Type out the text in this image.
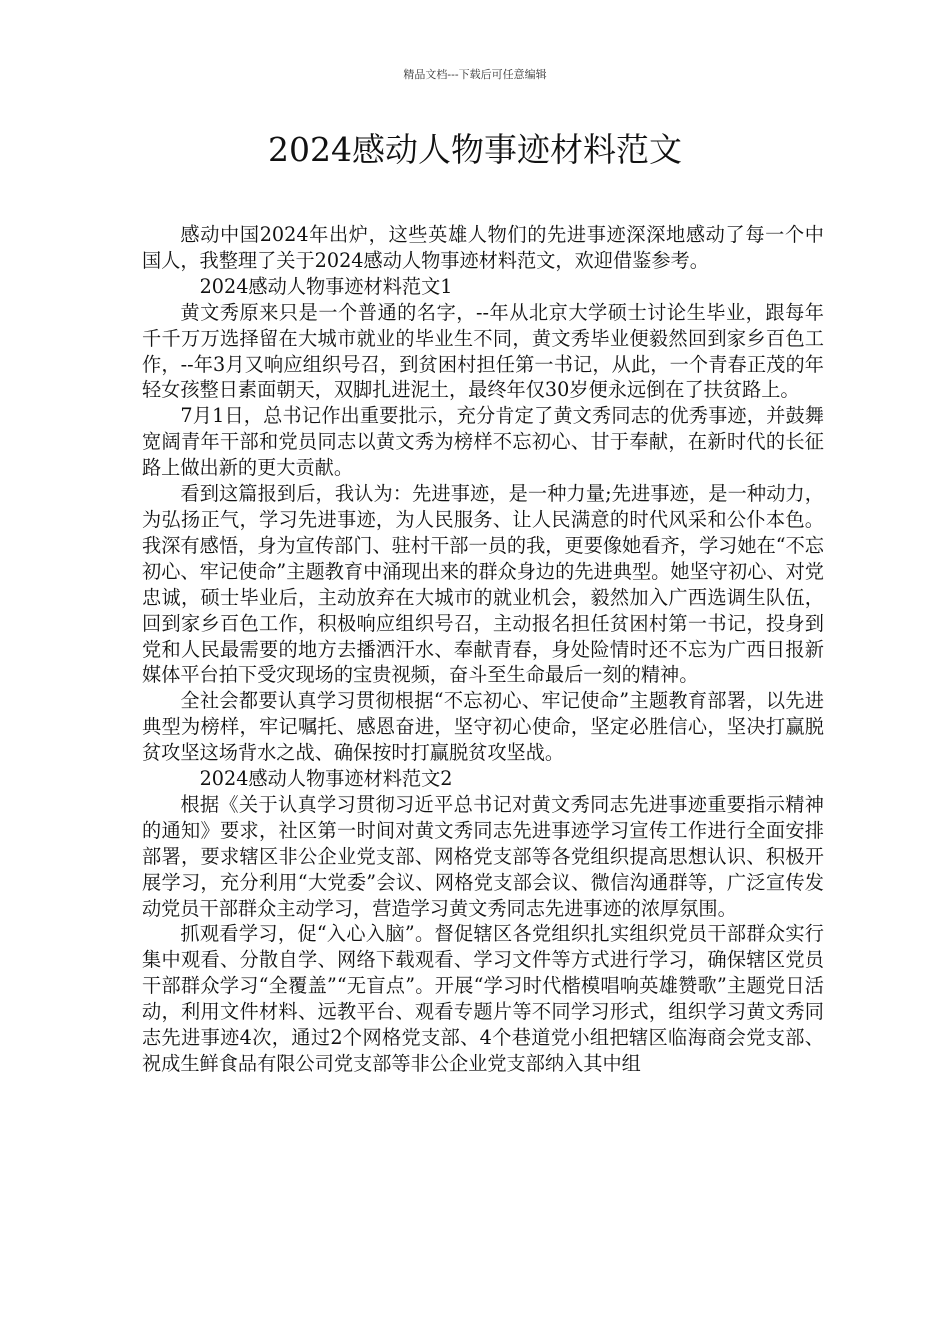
精品文档---下载后可任意编辑
2024感动人物事迹材料范文

感动中国2024年出炉，这些英雄人物们的先进事迹深深地感动了每一个中国人，我整理了关于2024感动人物事迹材料范文，欢迎借鉴参考。

2024感动人物事迹材料范文1

黄文秀原来只是一个普通的名字，--年从北京大学硕士讨论生毕业，跟每年千千万万选择留在大城市就业的毕业生不同，黄文秀毕业便毅然回到家乡百色工作，--年3月又响应组织号召，到贫困村担任第一书记，从此，一个青春正茂的年轻女孩整日素面朝天，双脚扎进泥土，最终年仅30岁便永远倒在了扶贫路上。

7月1日，总书记作出重要批示，充分肯定了黄文秀同志的优秀事迹，并鼓舞宽阔青年干部和党员同志以黄文秀为榜样不忘初心、甘于奉献，在新时代的长征路上做出新的更大贡献。

看到这篇报到后，我认为：先进事迹，是一种力量;先进事迹，是一种动力，为弘扬正气，学习先进事迹，为人民服务、让人民满意的时代风采和公仆本色。我深有感悟，身为宣传部门、驻村干部一员的我，更要像她看齐，学习她在“不忘初心、牢记使命”主题教育中涌现出来的群众身边的先进典型。她坚守初心、对党忠诚，硕士毕业后，主动放弃在大城市的就业机会，毅然加入广西选调生队伍，回到家乡百色工作，积极响应组织号召，主动报名担任贫困村第一书记，投身到党和人民最需要的地方去播洒汗水、奉献青春，身处险情时还不忘为广西日报新媒体平台拍下受灾现场的宝贵视频，奋斗至生命最后一刻的精神。

全社会都要认真学习贯彻根据“不忘初心、牢记使命”主题教育部署，以先进典型为榜样，牢记嘱托、感恩奋进，坚守初心使命，坚定必胜信心，坚决打赢脱贫攻坚这场背水之战、确保按时打赢脱贫攻坚战。

2024感动人物事迹材料范文2

根据《关于认真学习贯彻习近平总书记对黄文秀同志先进事迹重要指示精神的通知》要求，社区第一时间对黄文秀同志先进事迹学习宣传工作进行全面安排部署，要求辖区非公企业党支部、网格党支部等各党组织提高思想认识、积极开展学习，充分利用“大党委”会议、网格党支部会议、微信沟通群等，广泛宣传发动党员干部群众主动学习，营造学习黄文秀同志先进事迹的浓厚氛围。

抓观看学习，促“入心入脑”。督促辖区各党组织扎实组织党员干部群众实行集中观看、分散自学、网络下载观看、学习文件等方式进行学习，确保辖区党员干部群众学习“全覆盖”“无盲点”。开展“学习时代楷模唱响英雄赞歌”主题党日活动，利用文件材料、远教平台、观看专题片等不同学习形式，组织学习黄文秀同志先进事迹4次，通过2个网格党支部、4个巷道党小组把辖区临海商会党支部、祝成生鲜食品有限公司党支部等非公企业党支部纳入其中组
